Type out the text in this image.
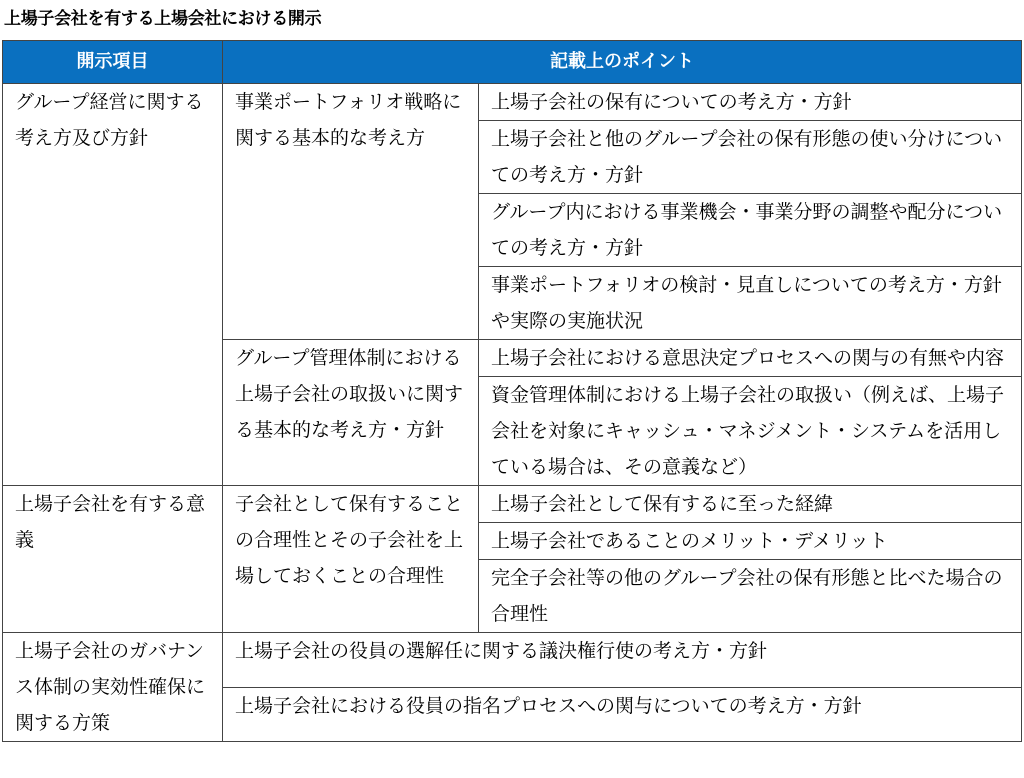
上場子会社を有する上場会社における開示
開示項目	記載上のポイント	
グループ経営に関する考え方及び方針	事業ポートフォリオ戦略に関する基本的な考え方	上場子会社の保有についての考え方・方針
		上場子会社と他のグループ会社の保有形態の使い分けについての考え方・方針
		グループ内における事業機会・事業分野の調整や配分についての考え方・方針
		事業ポートフォリオの検討・見直しについての考え方・方針や実際の実施状況
	グループ管理体制における上場子会社の取扱いに関する基本的な考え方・方針	上場子会社における意思決定プロセスへの関与の有無や内容
		資金管理体制における上場子会社の取扱い（例えば、上場子会社を対象にキャッシュ・マネジメント・システムを活用している場合は、その意義など）
上場子会社を有する意義	子会社として保有することの合理性とその子会社を上場しておくことの合理性	上場子会社として保有するに至った経緯
		上場子会社であることのメリット・デメリット
		完全子会社等の他のグループ会社の保有形態と比べた場合の合理性
上場子会社のガバナンス体制の実効性確保に関する方策	上場子会社の役員の選解任に関する議決権行使の考え方・方針	
	上場子会社における役員の指名プロセスへの関与についての考え方・方針	
